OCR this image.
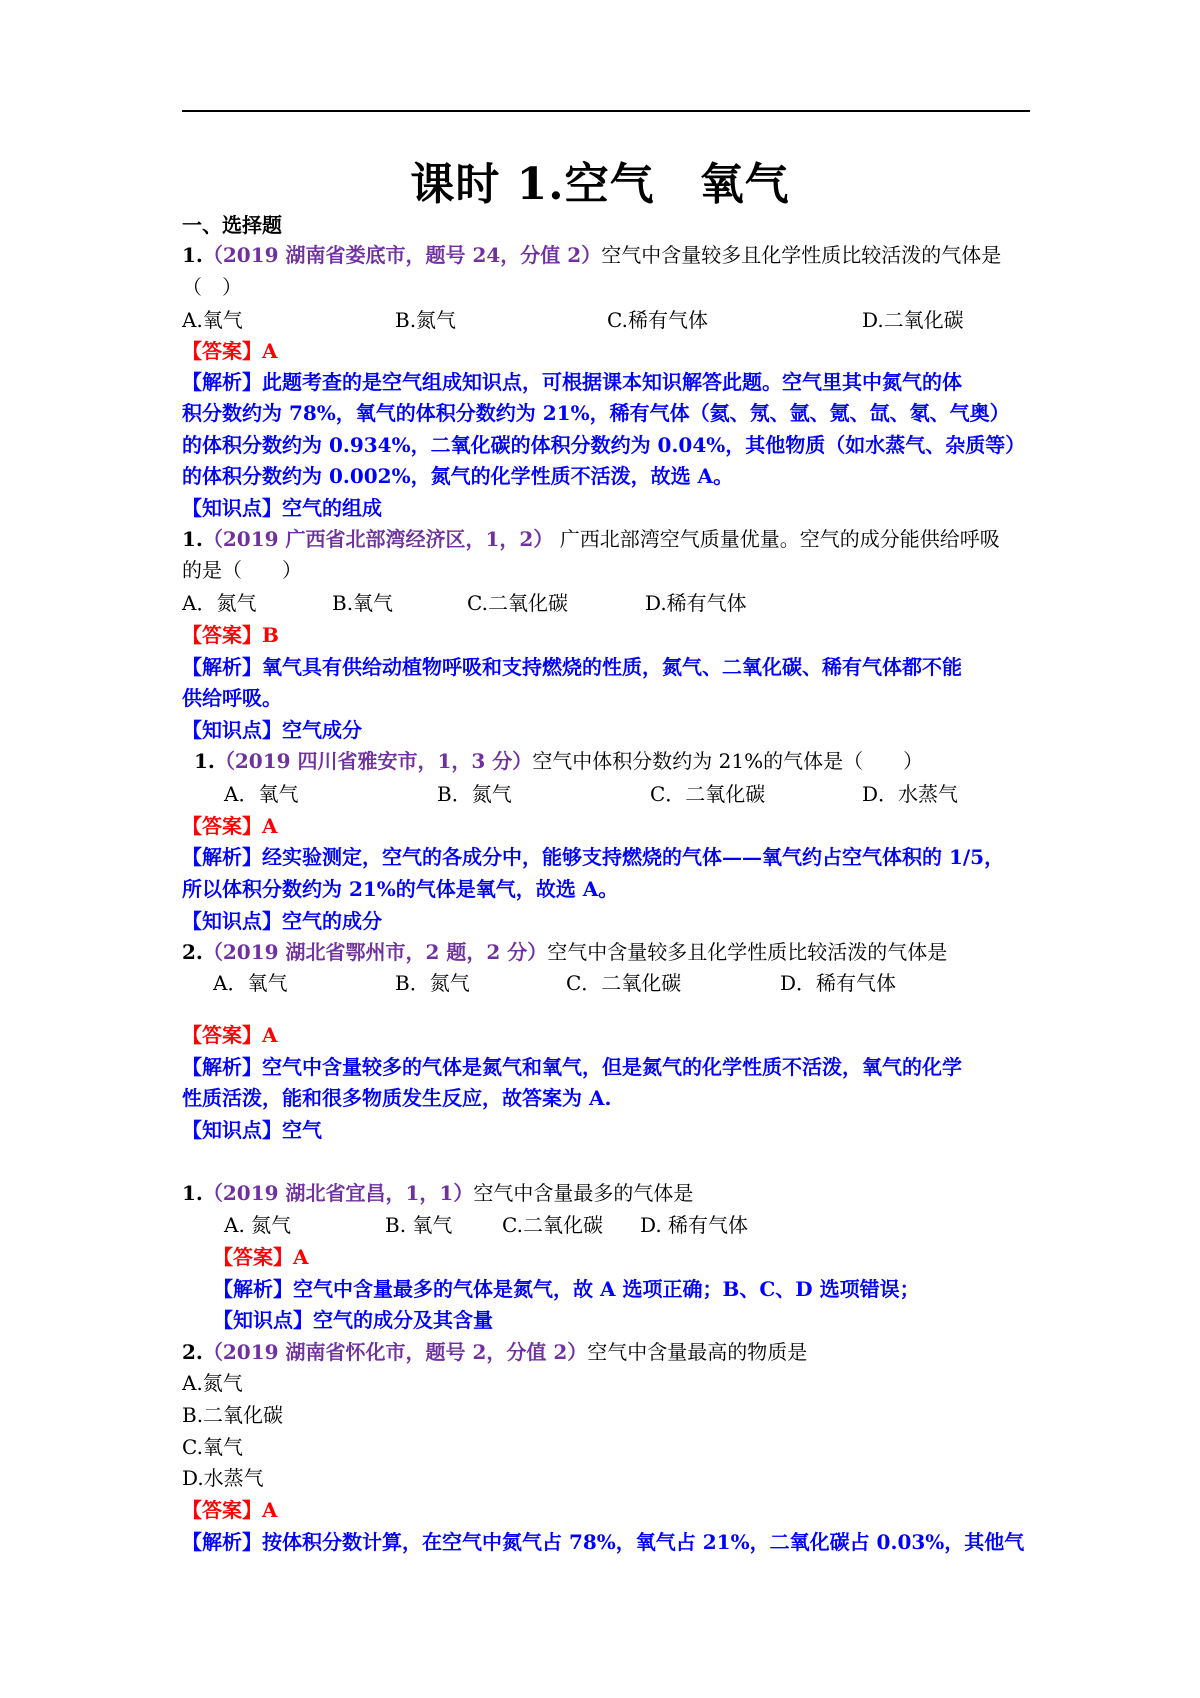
课时 1.空气　氧气
一、选择题
1.（2019 湖南省娄底市，题号 24，分值 2）空气中含量较多且化学性质比较活泼的气体是
（　）
A.氧气	B.氮气	C.稀有气体	D.二氧化碳
【答案】A
【解析】此题考查的是空气组成知识点，可根据课本知识解答此题。空气里其中氮气的体
积分数约为 78%，氧气的体积分数约为 21%，稀有气体（氦、氖、氩、氪、氙、氡、气奥）
的体积分数约为 0.934%，二氧化碳的体积分数约为 0.04%，其他物质（如水蒸气、杂质等）
的体积分数约为 0.002%，氮气的化学性质不活泼，故选 A。
【知识点】空气的组成
1.（2019 广西省北部湾经济区，1，2） 广西北部湾空气质量优量。空气的成分能供给呼吸
的是（　　）
A．氮气	B.氧气	C.二氧化碳	D.稀有气体
【答案】B
【解析】氧气具有供给动植物呼吸和支持燃烧的性质，氮气、二氧化碳、稀有气体都不能
供给呼吸。
【知识点】空气成分
1.（2019 四川省雅安市，1，3 分）空气中体积分数约为 21%的气体是（　　）
A．氧气	B．氮气	C．二氧化碳	D．水蒸气
【答案】A
【解析】经实验测定，空气的各成分中，能够支持燃烧的气体——氧气约占空气体积的 1/5，
所以体积分数约为 21%的气体是氧气，故选 A。
【知识点】空气的成分
2.（2019 湖北省鄂州市，2 题，2 分）空气中含量较多且化学性质比较活泼的气体是
A．氧气	B．氮气	C．二氧化碳	D．稀有气体
【答案】A
【解析】空气中含量较多的气体是氮气和氧气，但是氮气的化学性质不活泼，氧气的化学
性质活泼，能和很多物质发生反应，故答案为 A.
【知识点】空气
1.（2019 湖北省宜昌，1，1）空气中含量最多的气体是
A. 氮气	B. 氧气 C.二氧化碳 D. 稀有气体
【答案】A
【解析】空气中含量最多的气体是氮气，故 A 选项正确；B、C、D 选项错误；
【知识点】空气的成分及其含量
2.（2019 湖南省怀化市，题号 2，分值 2）空气中含量最高的物质是
A.氮气
B.二氧化碳
C.氧气
D.水蒸气
【答案】A
【解析】按体积分数计算，在空气中氮气占 78%，氧气占 21%，二氧化碳占 0.03%，其他气
